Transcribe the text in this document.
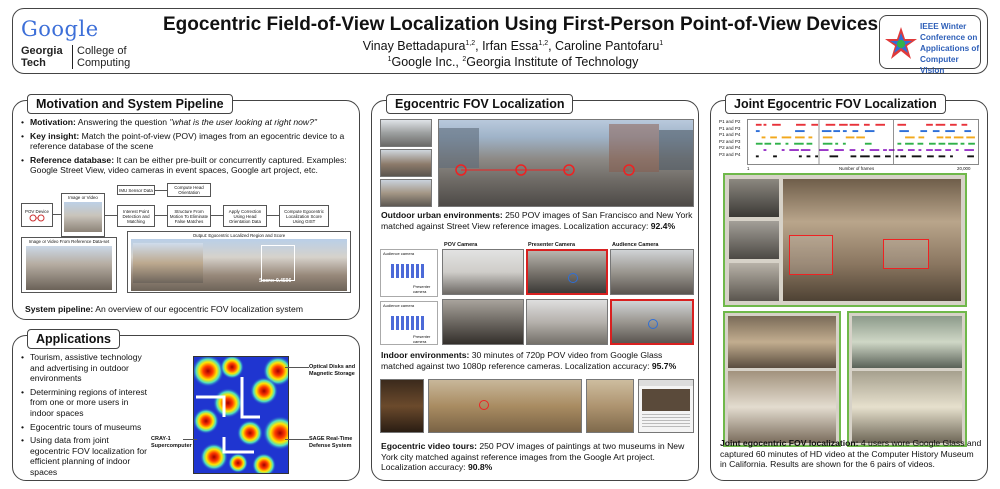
Google
Georgia
Tech
College of
Computing
Egocentric Field-of-View Localization Using First-Person Point-of-View Devices
Vinay Bettadapura$^{1,2}$, Irfan Essa$^{1,2}$, Caroline Pantofaru$^1$
$^1$Google Inc., $^2$Georgia Institute of Technology
IEEE Winter
Conference on
Applications of
Computer Vision
Motivation and System Pipeline
• Motivation: Answering the question "what is the user looking at right now?"
• Key insight: Match the point-of-view (POV) images from an egocentric device to a reference database of the scene
• Reference database: It can be either pre-built or concurrently captured. Examples: Google Street View, video cameras in event spaces, Google art project, etc.
POV Device
Image or Video
IMU Sensor Data
Interest Point Detection and Matching
Compute Head Orientation
Structure From Motion To Eliminate False Matches
Apply Correction Using Head Orientation Data
Compute Egocentric Localization Score Using GIST
Image or Video From Reference Data-set
Output: Egocentric Localized Region and Score
Score: 0.4596
System pipeline: An overview of our egocentric FOV localization system
Applications
• Tourism, assistive technology and advertising in outdoor environments
• Determining regions of interest from one or more users in indoor spaces
• Egocentric tours of museums
• Using data from joint egocentric FOV localization for efficient planning of indoor spaces
Optical Disks and Magnetic Storage
SAGE Real-Time Defense System
CRAY-1 Supercomputer
Egocentric FOV Localization
Outdoor urban environments: 250 POV images of San Francisco and New York matched against Street View reference images. Localization accuracy: 92.4%
POV Camera	Presenter Camera	Audience Camera
Audience camera
Presenter camera
Audience camera
Presenter camera
Indoor environments: 30 minutes of 720p POV video from Google Glass matched against two 1080p reference cameras. Localization accuracy: 95.7%
Egocentric video tours: 250 POV images of paintings at two museums in New York city matched against reference images from the Google Art project. Localization accuracy: 90.8%
Joint Egocentric FOV Localization
P1 and P2
P1 and P3
P1 and P4
P2 and P3
P2 and P4
P3 and P4
1	Number of frames	20,000
Joint egocentric FOV localization: 4 users wore Google Glass and captured 60 minutes of HD video at the Computer History Museum in California. Results are shown for the 6 pairs of videos.
